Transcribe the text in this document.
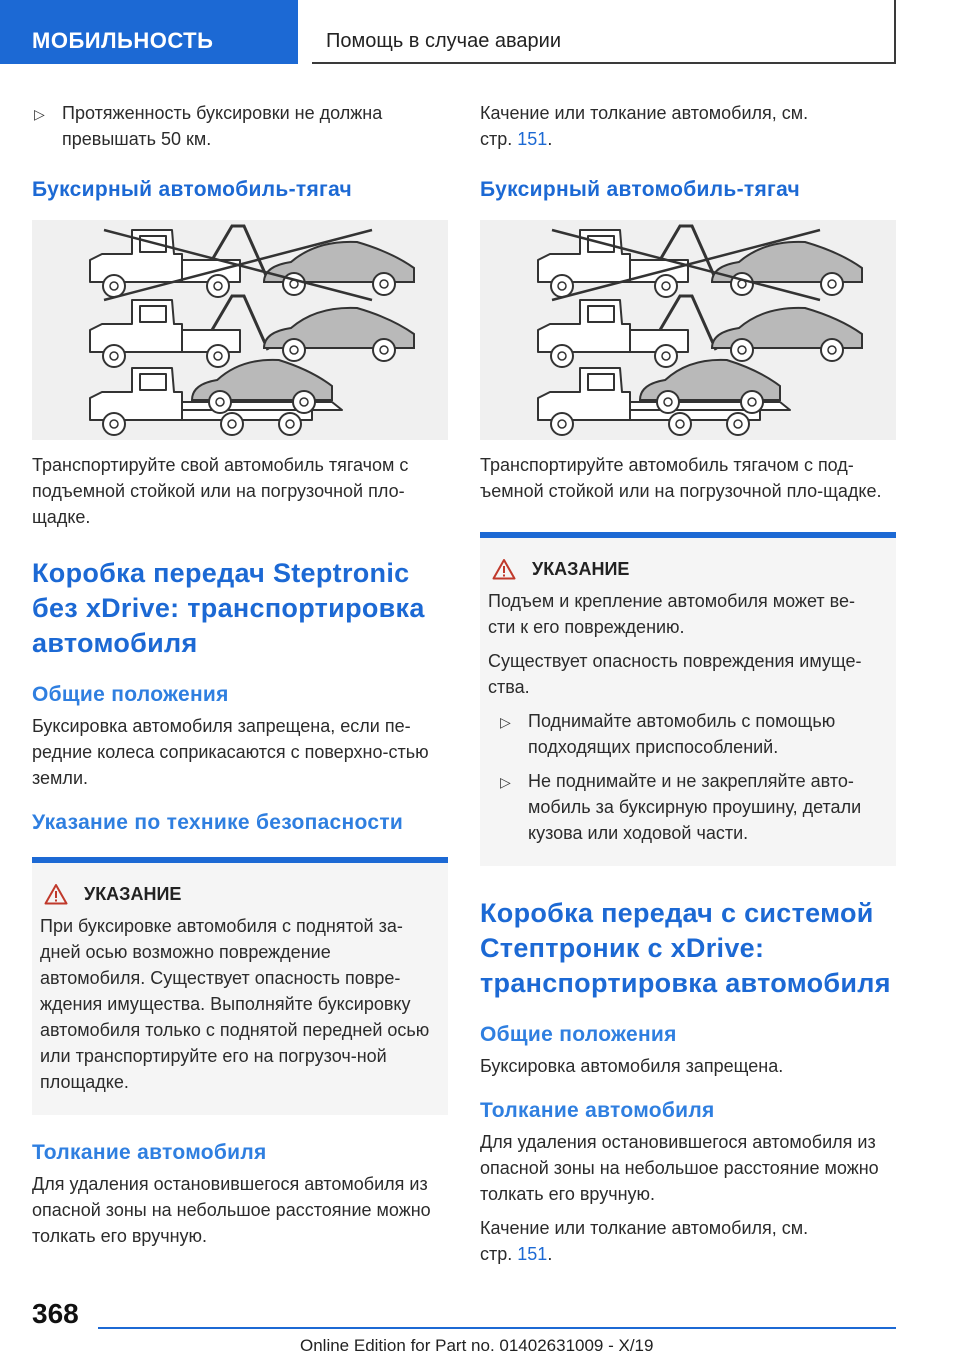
МОБИЛЬНОСТЬ	Помощь в случае аварии
▷ Протяженность буксировки не должна превышать 50 км.
Буксирный автомобиль-тягач

Транспортируйте свой автомобиль тягачом с подъемной стойкой или на погрузочной пло-щадке.

Коробка передач Steptronic без xDrive: транспортировка автомобиля
Общие положения

Буксировка автомобиля запрещена, если пе-редние колеса соприкасаются с поверхно-стью земли.

Указание по технике безопасности
УКАЗАНИЕ

При буксировке автомобиля с поднятой за-дней осью возможно повреждение автомобиля. Существует опасность повре-ждения имущества. Выполняйте буксировку автомобиля только с поднятой передней осью или транспортируйте его на погрузоч-ной площадке.

Толкание автомобиля

Для удаления остановившегося автомобиля из опасной зоны на небольшое расстояние можно толкать его вручную.

Качение или толкание автомобиля, см.
стр. 151.

Буксирный автомобиль-тягач

Транспортируйте автомобиль тягачом с под-ъемной стойкой или на погрузочной пло-щадке.

УКАЗАНИЕ

Подъем и крепление автомобиля может ве-сти к его повреждению.

Существует опасность повреждения имуще-ства.

▷ Поднимайте автомобиль с помощью подходящих приспособлений.
▷ Не поднимайте и не закрепляйте авто-мобиль за буксирную проушину, детали кузова или ходовой части.
Коробка передач с системой Стептроник с xDrive: транспортировка автомобиля
Общие положения

Буксировка автомобиля запрещена.

Толкание автомобиля

Для удаления остановившегося автомобиля из опасной зоны на небольшое расстояние можно толкать его вручную.

Качение или толкание автомобиля, см.
стр. 151.

368
Online Edition for Part no. 01402631009 - X/19
